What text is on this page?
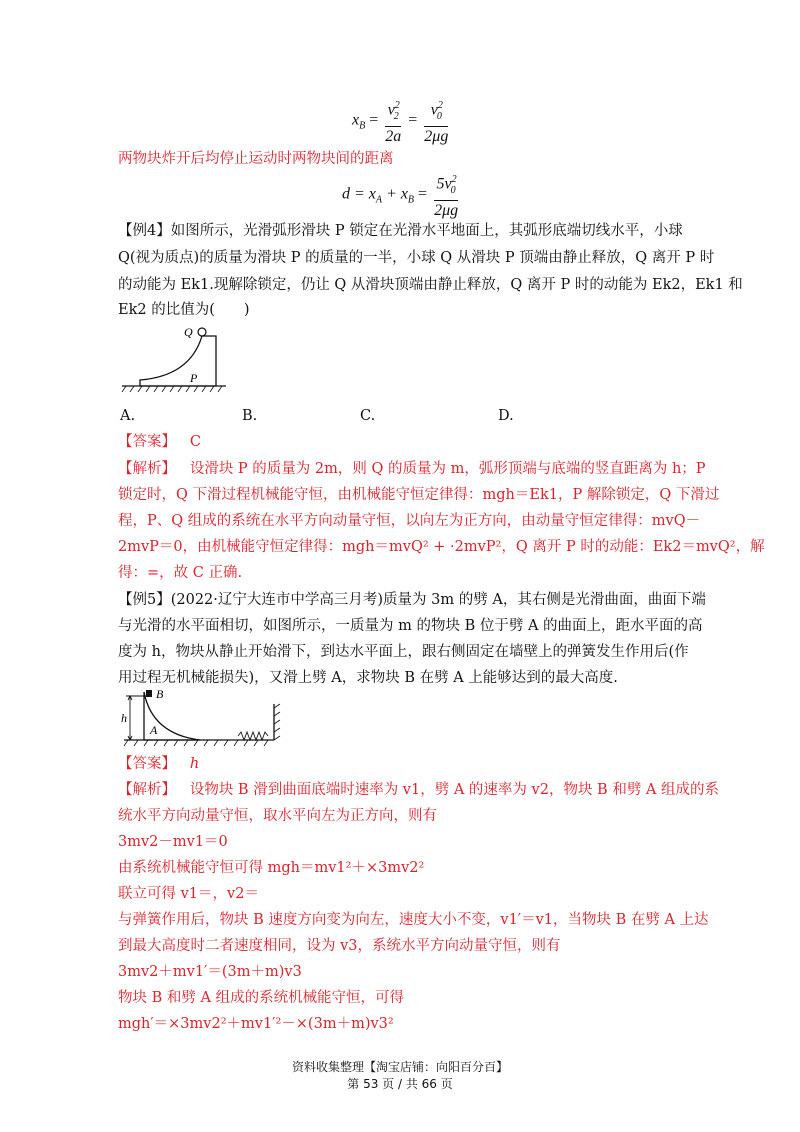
$x_B = \frac{v^2_2}{2a} = \frac{v^2_0}{2\mu g}$
两物块炸开后均停止运动时两物块间的距离
$d = x_A + x_B = \frac{5v^2_0}{2\mu g}$
【例4】如图所示，光滑弧形滑块 P 锁定在光滑水平地面上，其弧形底端切线水平，小球
Q(视为质点)的质量为滑块 P 的质量的一半，小球 Q 从滑块 P 顶端由静止释放，Q 离开 P 时
的动能为 Ek1.现解除锁定，仍让 Q 从滑块顶端由静止释放，Q 离开 P 时的动能为 Ek2，Ek1 和
Ek2 的比值为(　　)
Q
P
A.	B.	C.	D.
【答案】 C
【解析】 设滑块 P 的质量为 2m，则 Q 的质量为 m，弧形顶端与底端的竖直距离为 h；P
锁定时，Q 下滑过程机械能守恒，由机械能守恒定律得：mgh＝Ek1，P 解除锁定，Q 下滑过
程，P、Q 组成的系统在水平方向动量守恒，以向左为正方向，由动量守恒定律得：mvQ－
2mvP＝0，由机械能守恒定律得：mgh＝mvQ² + ·2mvP²，Q 离开 P 时的动能：Ek2＝mvQ²，解
得：=，故 C 正确.
【例5】(2022·辽宁大连市中学高三月考)质量为 3m 的劈 A，其右侧是光滑曲面，曲面下端
与光滑的水平面相切，如图所示，一质量为 m 的物块 B 位于劈 A 的曲面上，距水平面的高
度为 h，物块从静止开始滑下，到达水平面上，跟右侧固定在墙壁上的弹簧发生作用后(作
用过程无机械能损失)，又滑上劈 A，求物块 B 在劈 A 上能够达到的最大高度.
B
h
A
【答案】 h
【解析】 设物块 B 滑到曲面底端时速率为 v1，劈 A 的速率为 v2，物块 B 和劈 A 组成的系
统水平方向动量守恒，取水平向左为正方向，则有
3mv2－mv1＝0
由系统机械能守恒可得 mgh＝mv1²＋×3mv2²
联立可得 v1＝，v2＝
与弹簧作用后，物块 B 速度方向变为向左，速度大小不变，v1′＝v1，当物块 B 在劈 A 上达
到最大高度时二者速度相同，设为 v3，系统水平方向动量守恒，则有
3mv2＋mv1′＝(3m＋m)v3
物块 B 和劈 A 组成的系统机械能守恒，可得
mgh′＝×3mv2²＋mv1′²－×(3m＋m)v3²
资料收集整理【淘宝店铺：向阳百分百】
第 53 页 / 共 66 页
